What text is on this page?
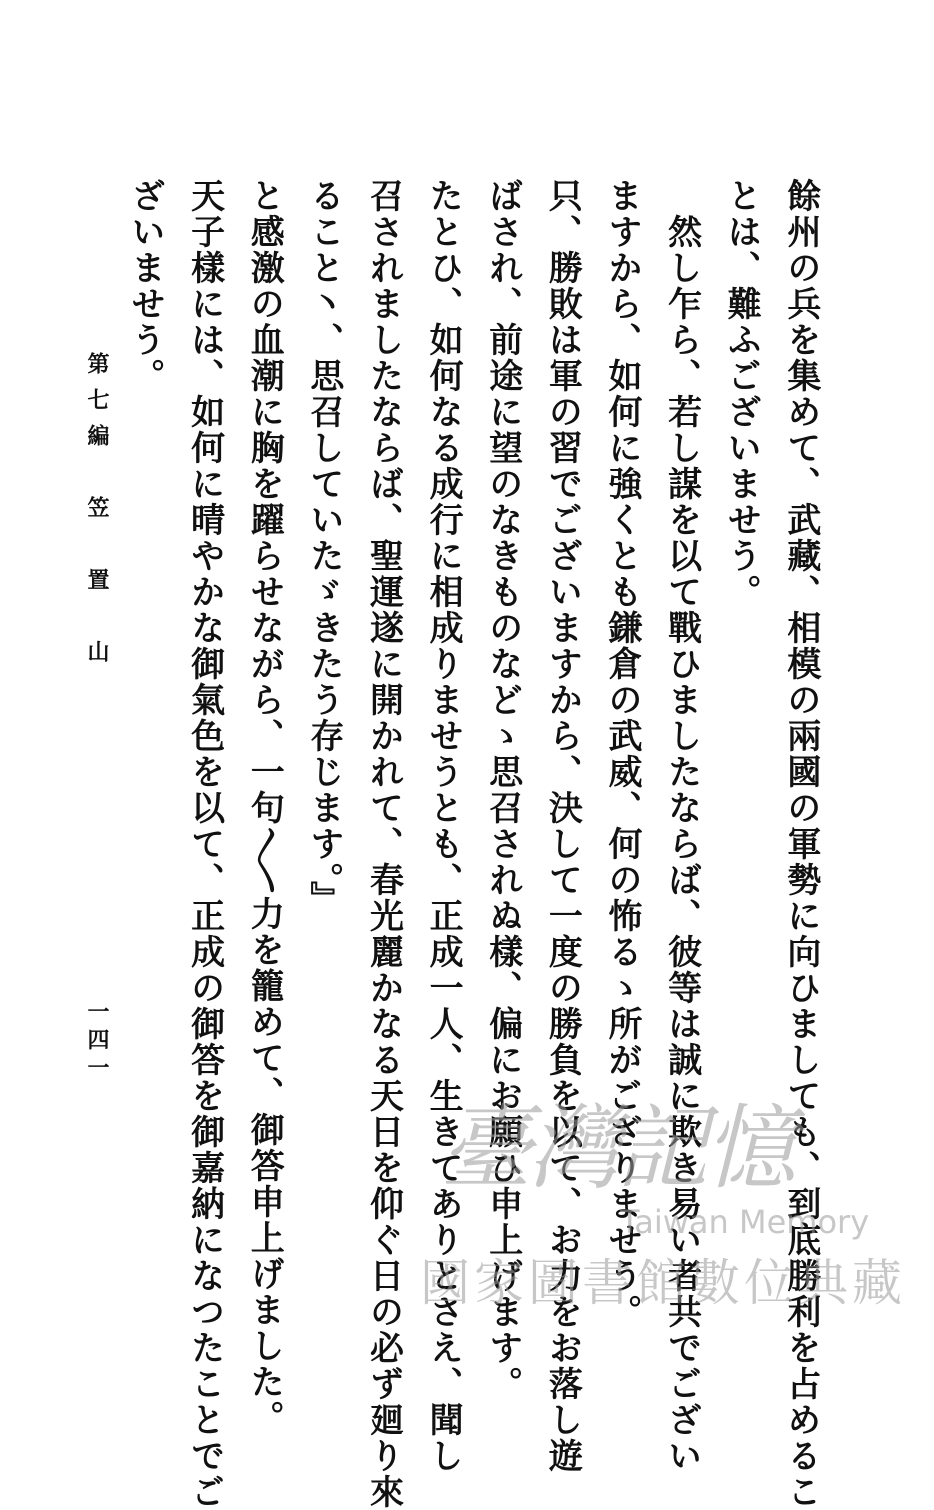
餘州の兵を集めて、武藏、相模の兩國の軍勢に向ひましても、到底勝利を占めるこ
とは、難ふございませう。
　然し乍ら、若し謀を以て戰ひましたならば、彼等は誠に欺き易い者共でござい
ますから、如何に強くとも鎌倉の武威、何の怖るゝ所がござりませう。
只、勝敗は軍の習でございますから、決して一度の勝負を以て、お力をお落し遊
ばされ、前途に望のなきものなどゝ思召されぬ樣、偏にお願ひ申上げます。
たとひ、如何なる成行に相成りませうとも、正成一人、生きてありとさえ、聞し
召されましたならば、聖運遂に開かれて、春光麗かなる天日を仰ぐ日の必ず廻り來
ること丶、思召していたゞきたう存じます。』
と感激の血潮に胸を躍らせながら、一句〳〵力を籠めて、御答申上げました。
天子樣には、如何に晴やかな御氣色を以て、正成の御答を御嘉納になつたことでご
ざいませう。
第七編　笠　置　山
一四一
臺灣記憶
Taiwan Memory
國家圖書館數位典藏
